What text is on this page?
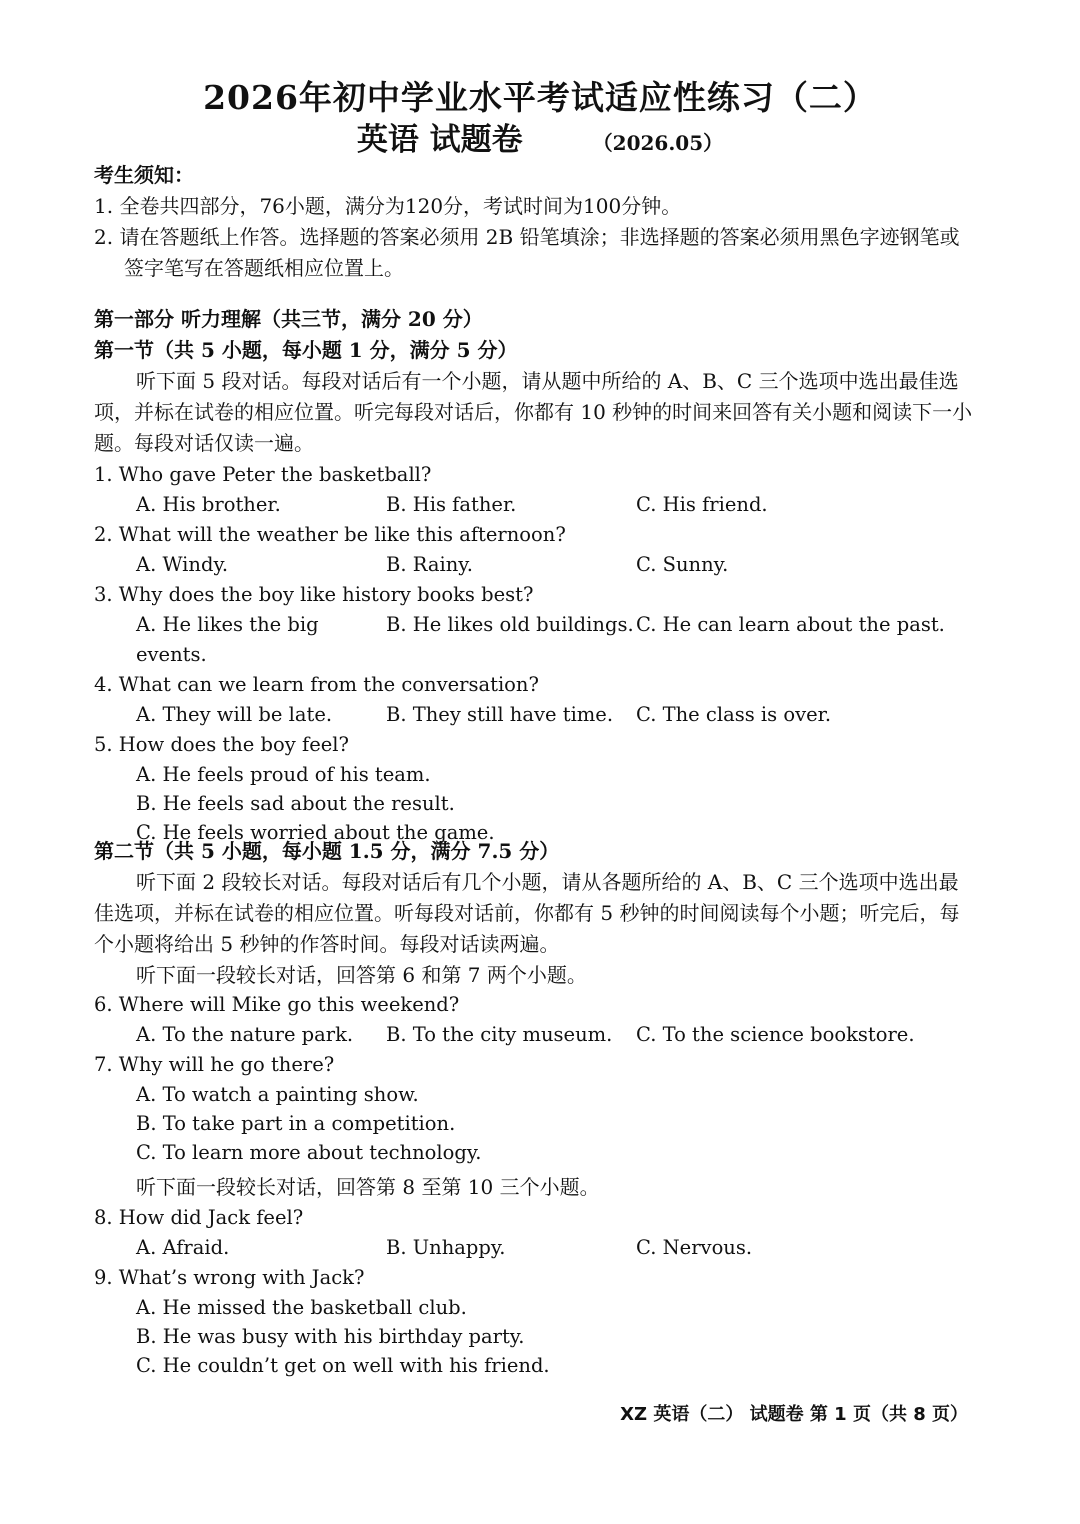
2026年初中学业水平考试适应性练习（二）
英语 试题卷	（2026.05）
考生须知：
1. 全卷共四部分，76小题，满分为120分，考试时间为100分钟。
2. 请在答题纸上作答。选择题的答案必须用 2B 铅笔填涂；非选择题的答案必须用黑色字迹钢笔或签字笔写在答题纸相应位置上。
第一部分 听力理解（共三节，满分 20 分）
第一节（共 5 小题，每小题 1 分，满分 5 分）
听下面 5 段对话。每段对话后有一个小题，请从题中所给的 A、B、C 三个选项中选出最佳选项，并标在试卷的相应位置。听完每段对话后，你都有 10 秒钟的时间来回答有关小题和阅读下一小题。每段对话仅读一遍。
1. Who gave Peter the basketball?
A. His brother.	B. His father.	C. His friend.
2. What will the weather be like this afternoon?
A. Windy.	B. Rainy.	C. Sunny.
3. Why does the boy like history books best?
A. He likes the big events.
B. He likes old buildings. C. He can learn about the past.
4. What can we learn from the conversation?
A. They will be late.	B. They still have time.	C. The class is over.
5. How does the boy feel?
A. He feels proud of his team.
B. He feels sad about the result.
C. He feels worried about the game.
第二节（共 5 小题，每小题 1.5 分，满分 7.5 分）
听下面 2 段较长对话。每段对话后有几个小题，请从各题所给的 A、B、C 三个选项中选出最佳选项，并标在试卷的相应位置。听每段对话前，你都有 5 秒钟的时间阅读每个小题；听完后，每个小题将给出 5 秒钟的作答时间。每段对话读两遍。
听下面一段较长对话，回答第 6 和第 7 两个小题。
6. Where will Mike go this weekend?
A. To the nature park.	B. To the city museum.	C. To the science bookstore.
7. Why will he go there?
A. To watch a painting show.
B. To take part in a competition.
C. To learn more about technology.
听下面一段较长对话，回答第 8 至第 10 三个小题。
8. How did Jack feel?
A. Afraid.	B. Unhappy.	C. Nervous.
9. What’s wrong with Jack?
A. He missed the basketball club.
B. He was busy with his birthday party.
C. He couldn’t get on well with his friend.
XZ 英语（二） 试题卷 第 1 页（共 8 页）
